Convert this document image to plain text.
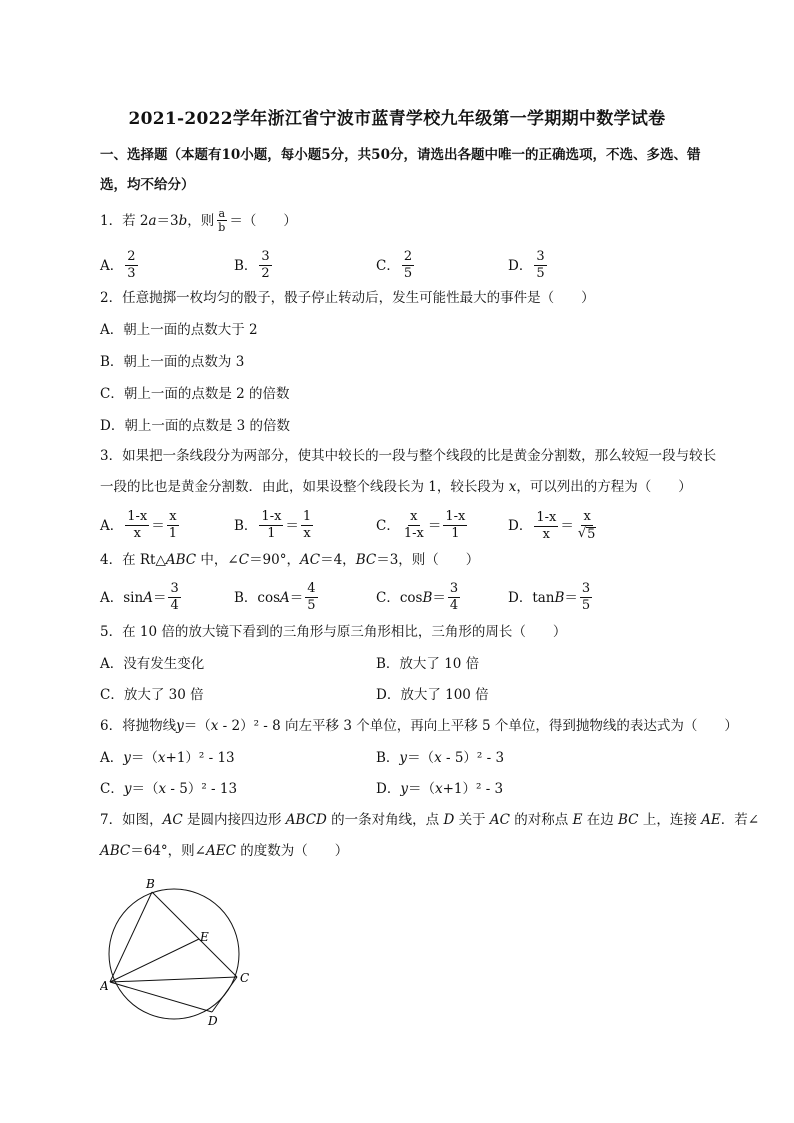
2021-2022学年浙江省宁波市蓝青学校九年级第一学期期中数学试卷
一、选择题（本题有10小题，每小题5分，共50分，请选出各题中唯一的正确选项，不选、多选、错
选，均不给分）
1．若 2 a ＝3 b ，则 $\frac{a}{b}$ ＝（　　）
A． $\frac{2}{3}$	B． $\frac{3}{2}$	C． $\frac{2}{5}$	D． $\frac{3}{5}$
2．任意抛掷一枚均匀的骰子，骰子停止转动后，发生可能性最大的事件是（　　）
A．朝上一面的点数大于 2
B．朝上一面的点数为 3
C．朝上一面的点数是 2 的倍数
D．朝上一面的点数是 3 的倍数
3．如果把一条线段分为两部分，使其中较长的一段与整个线段的比是黄金分割数，那么较短一段与较长
一段的比也是黄金分割数．由此，如果设整个线段长为 1，较长段为 x，可以列出的方程为（　　）
A． $\frac{1-x}{x} = \frac{x}{1}$	B． $\frac{1-x}{1} = \frac{1}{x}$	C． $\frac{x}{1-x} = \frac{1-x}{1}$	D． $\frac{1-x}{x} = \frac{x}{√ 5}$
4．在 Rt△ABC 中，∠C＝90°，AC＝4，BC＝3，则（　　）
A． $\sin A = \frac{3}{4}$	B． $\cos A = \frac{4}{5}$	C． $\cos B = \frac{3}{4}$	D． $\tan B = \frac{3}{5}$
5．在 10 倍的放大镜下看到的三角形与原三角形相比，三角形的周长（　　）
A．没有发生变化	B．放大了 10 倍
C．放大了 30 倍	D．放大了 100 倍
6．将抛物线y＝（x - 2）² - 8 向左平移 3 个单位，再向上平移 5 个单位，得到抛物线的表达式为（　　）
A．y＝（x+1）² - 13	B．y＝（x - 5）² - 3
C．y＝（x - 5）² - 13	D．y＝（x+1）² - 3
7．如图，AC 是圆内接四边形 ABCD 的一条对角线，点 D 关于 AC 的对称点 E 在边 BC 上，连接 AE．若∠
ABC＝64°，则∠AEC 的度数为（　　）
B
E
C
A
D
